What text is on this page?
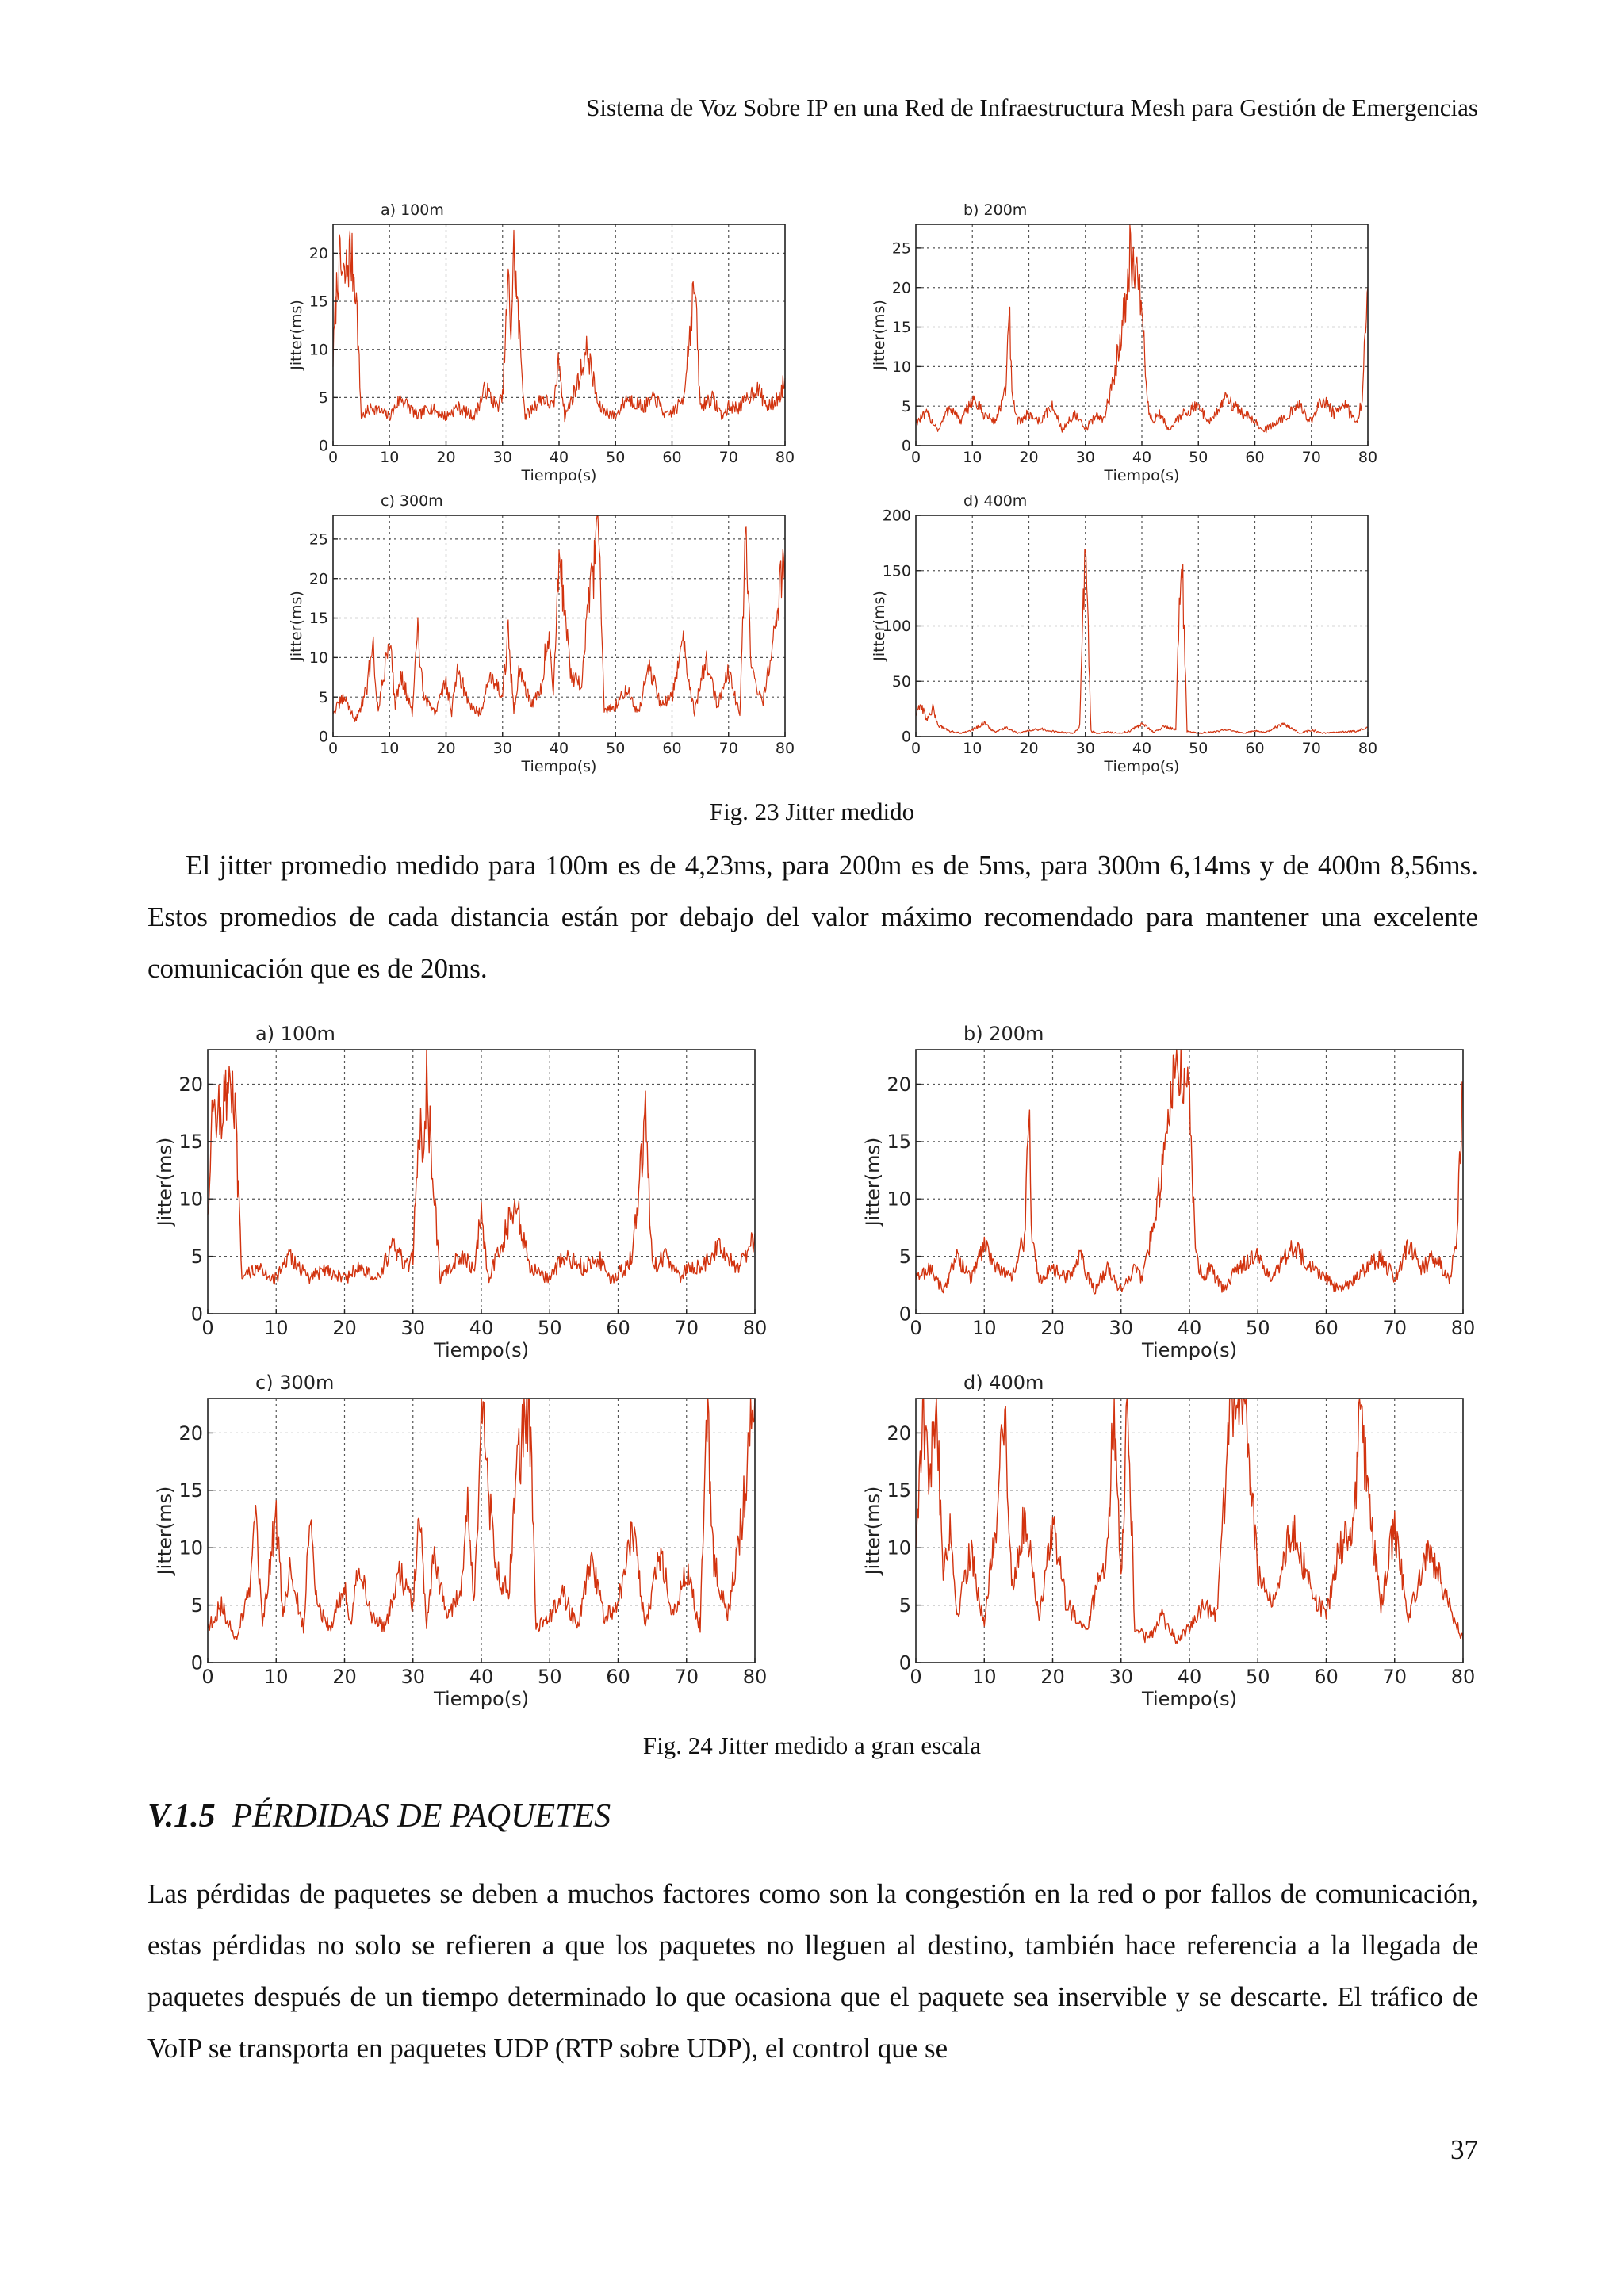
Sistema de Voz Sobre IP en una Red de Infraestructura Mesh para Gestión de Emergencias
a) 100m
0	10 20 30 40 50 60 70 80
0
5
10
15
20
Tiempo(s)
Jitter(ms)
b) 200m
0	10 20 30 40 50 60 70 80
0
5
10
15
20
25
Tiempo(s)
Jitter(ms)
c) 300m
0	10 20 30 40 50 60 70 80
0
5
10
15
20
25
Tiempo(s)
Jitter(ms)
d) 400m
0	10 20 30 40 50 60 70 80
0
50
100
150
200
Tiempo(s)
Jitter(ms)
Fig. 23 Jitter medido

El jitter promedio medido para 100m es de 4,23ms, para 200m es de 5ms, para 300m 6,14ms y de 400m 8,56ms. Estos promedios de cada distancia están por debajo del valor máximo recomendado para mantener una excelente comunicación que es de 20ms.

a) 100m
0	10 20 30 40 50 60 70 80
0
5
10
15
20
Tiempo(s)
Jitter(ms)
b) 200m
0	10 20 30 40 50 60 70 80
0
5
10
15
20
Tiempo(s)
Jitter(ms)
c) 300m
0	10 20 30 40 50 60 70 80
0
5
10
15
20
Tiempo(s)
Jitter(ms)
d) 400m
0	10 20 30 40 50 60 70 80
0
5
10
15
20
Tiempo(s)
Jitter(ms)
Fig. 24 Jitter medido a gran escala
V.1.5 PÉRDIDAS DE PAQUETES

Las pérdidas de paquetes se deben a muchos factores como son la congestión en la red o por fallos de comunicación, estas pérdidas no solo se refieren a que los paquetes no lleguen al destino, también hace referencia a la llegada de paquetes después de un tiempo determinado lo que ocasiona que el paquete sea inservible y se descarte. El tráfico de VoIP se transporta en paquetes UDP (RTP sobre UDP), el control que se

37
